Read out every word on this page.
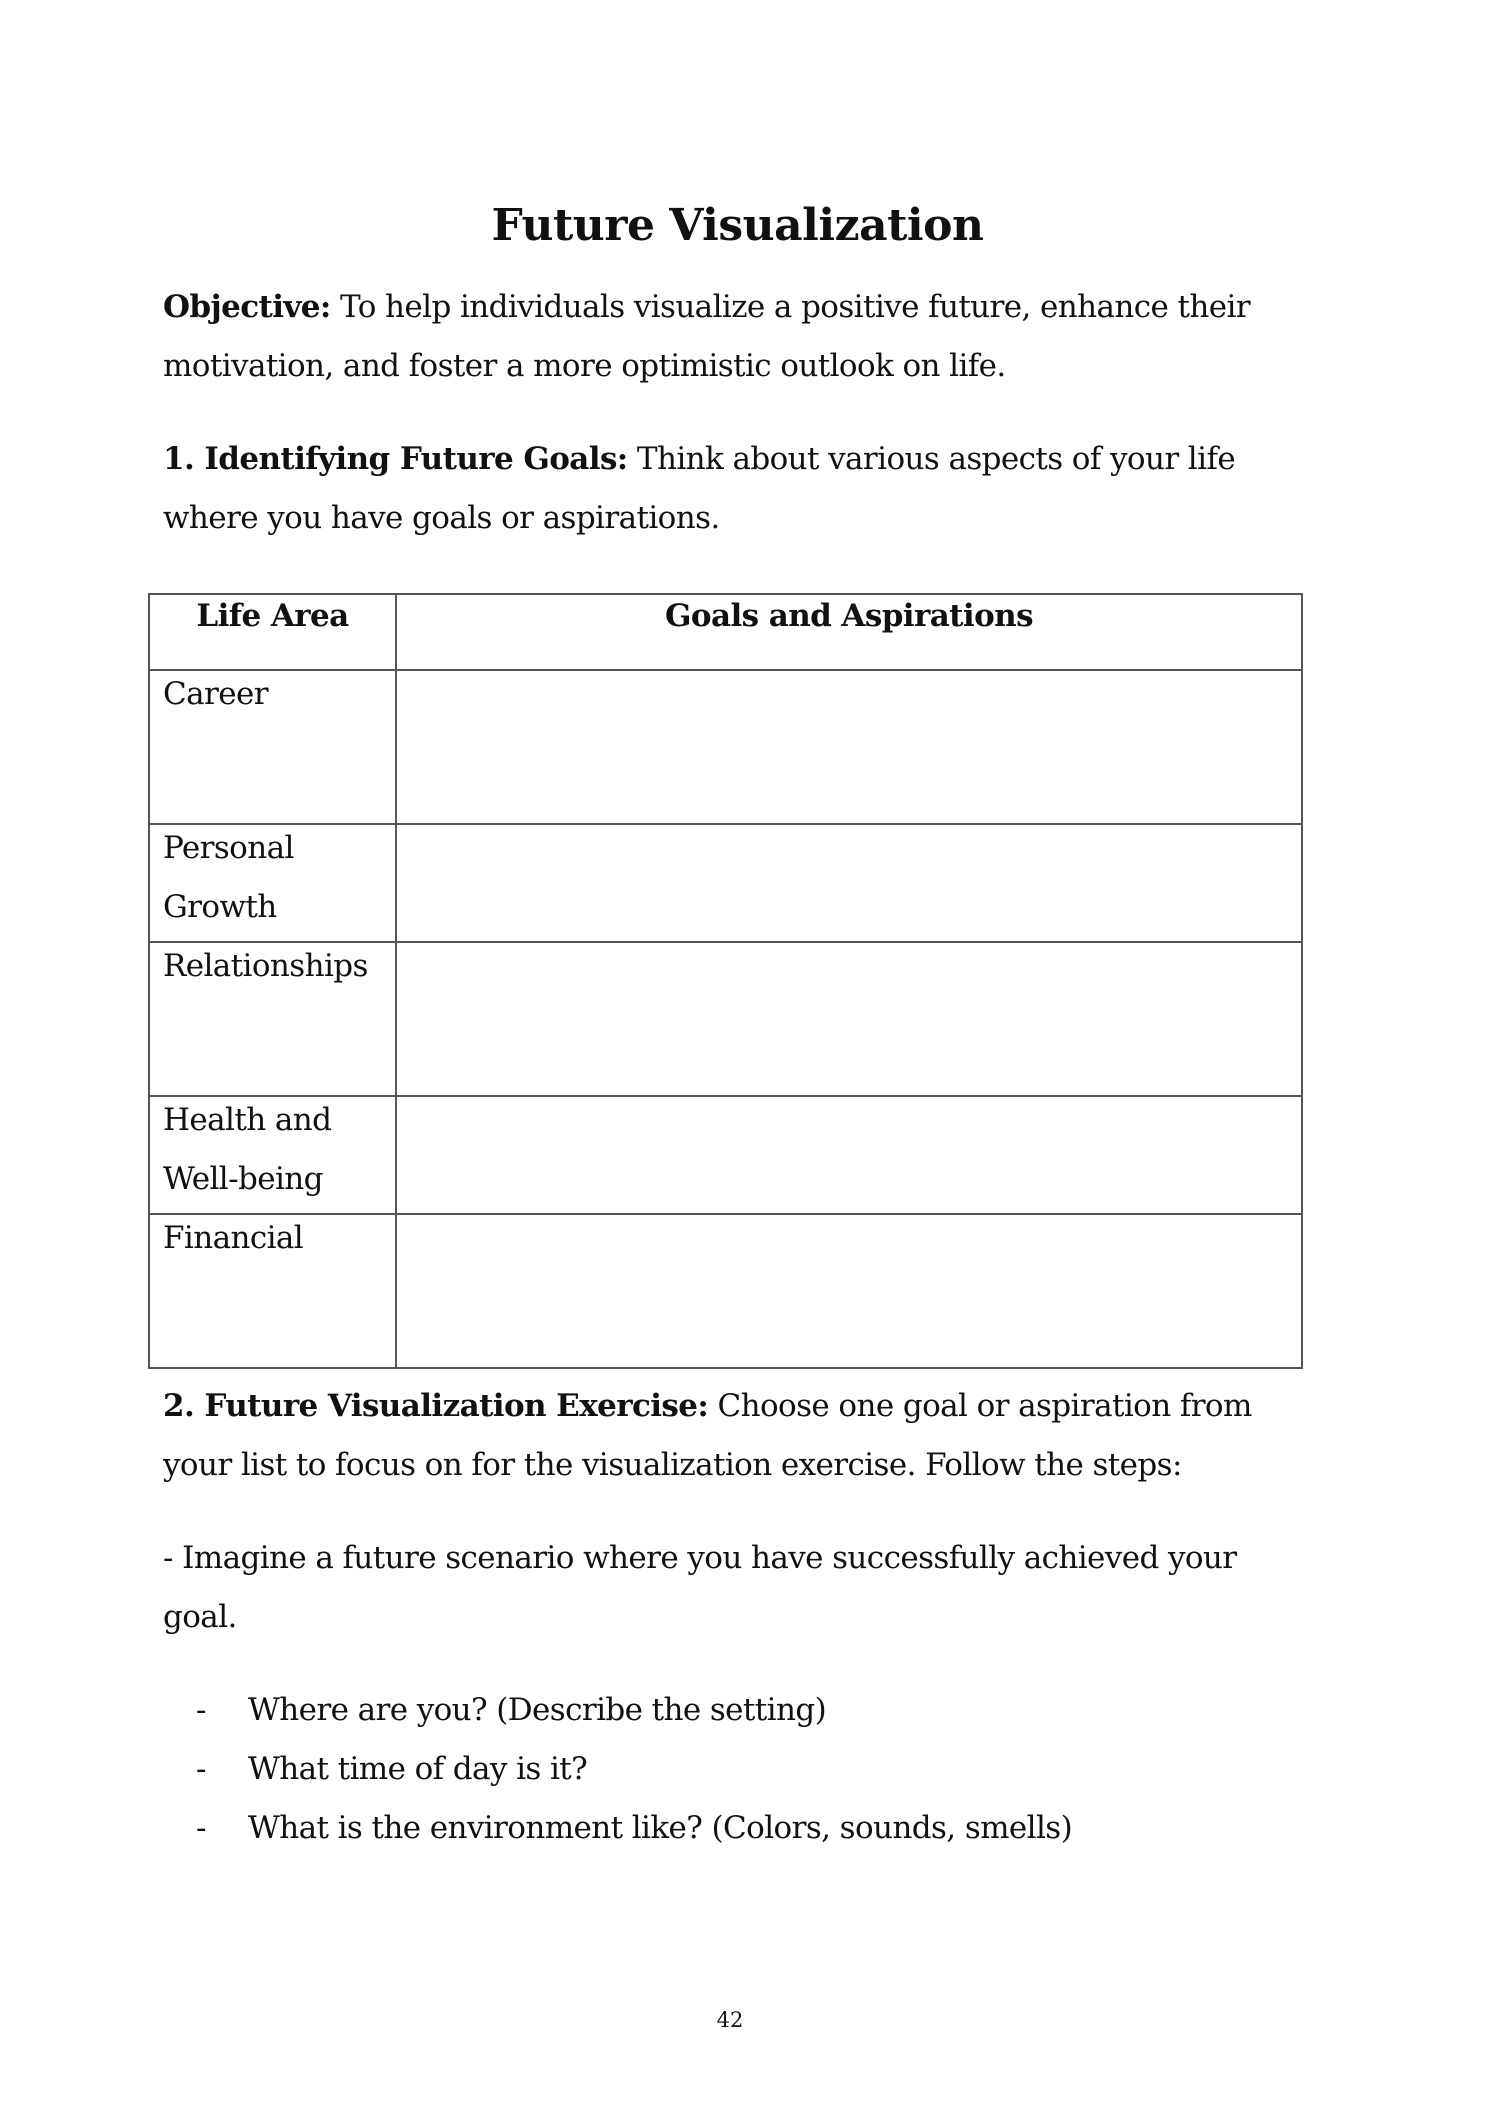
Future Visualization

Objective: To help individuals visualize a positive future, enhance their motivation, and foster a more optimistic outlook on life.

1. Identifying Future Goals: Think about various aspects of your life where you have goals or aspirations.

Life Area	Goals and Aspirations

Career	

Personal Growth	

Relationships	

Health and Well-being	

Financial	

2. Future Visualization Exercise: Choose one goal or aspiration from your list to focus on for the visualization exercise. Follow the steps:

- Imagine a future scenario where you have successfully achieved your goal.

- Where are you? (Describe the setting)
- What time of day is it?
- What is the environment like? (Colors, sounds, smells)
42
